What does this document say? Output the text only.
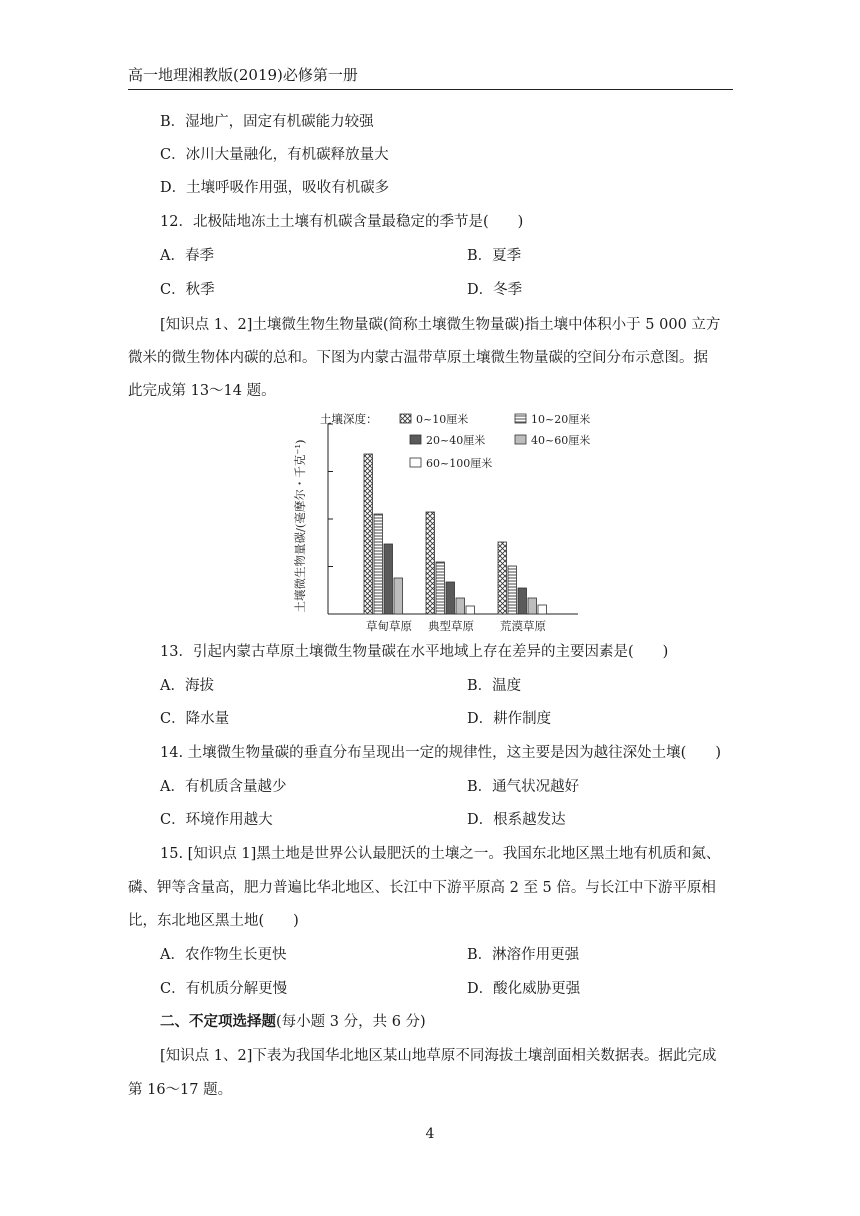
高一地理湘教版(2019)必修第一册
B．湿地广，固定有机碳能力较强
C．冰川大量融化，有机碳释放量大
D．土壤呼吸作用强，吸收有机碳多
12．北极陆地冻土土壤有机碳含量最稳定的季节是(　　)
A．春季	B．夏季
C．秋季	D．冬季
[知识点 1、2]土壤微生物生物量碳(简称土壤微生物量碳)指土壤中体积小于 5 000 立方
微米的微生物体内碳的总和。下图为内蒙古温带草原土壤微生物量碳的空间分布示意图。据
此完成第 13～14 题。
土壤深度：	0~10厘米	10~20厘米
20~40厘米	40~60厘米
60~100厘米
草甸草原 典型草原 荒漠草原
土壤微生物量碳/(毫摩尔・千克⁻¹)
13．引起内蒙古草原土壤微生物量碳在水平地域上存在差异的主要因素是(　　)
A．海拔	B．温度
C．降水量	D．耕作制度
14. 土壤微生物量碳的垂直分布呈现出一定的规律性，这主要是因为越往深处土壤(　　)
A．有机质含量越少	B．通气状况越好
C．环境作用越大	D．根系越发达
15. [知识点 1]黑土地是世界公认最肥沃的土壤之一。我国东北地区黑土地有机质和氮、
磷、钾等含量高，肥力普遍比华北地区、长江中下游平原高 2 至 5 倍。与长江中下游平原相
比，东北地区黑土地(　　)
A．农作物生长更快	B．淋溶作用更强
C．有机质分解更慢	D．酸化威胁更强
二、不定项选择题(每小题 3 分，共 6 分)
[知识点 1、2]下表为我国华北地区某山地草原不同海拔土壤剖面相关数据表。据此完成
第 16～17 题。
4
